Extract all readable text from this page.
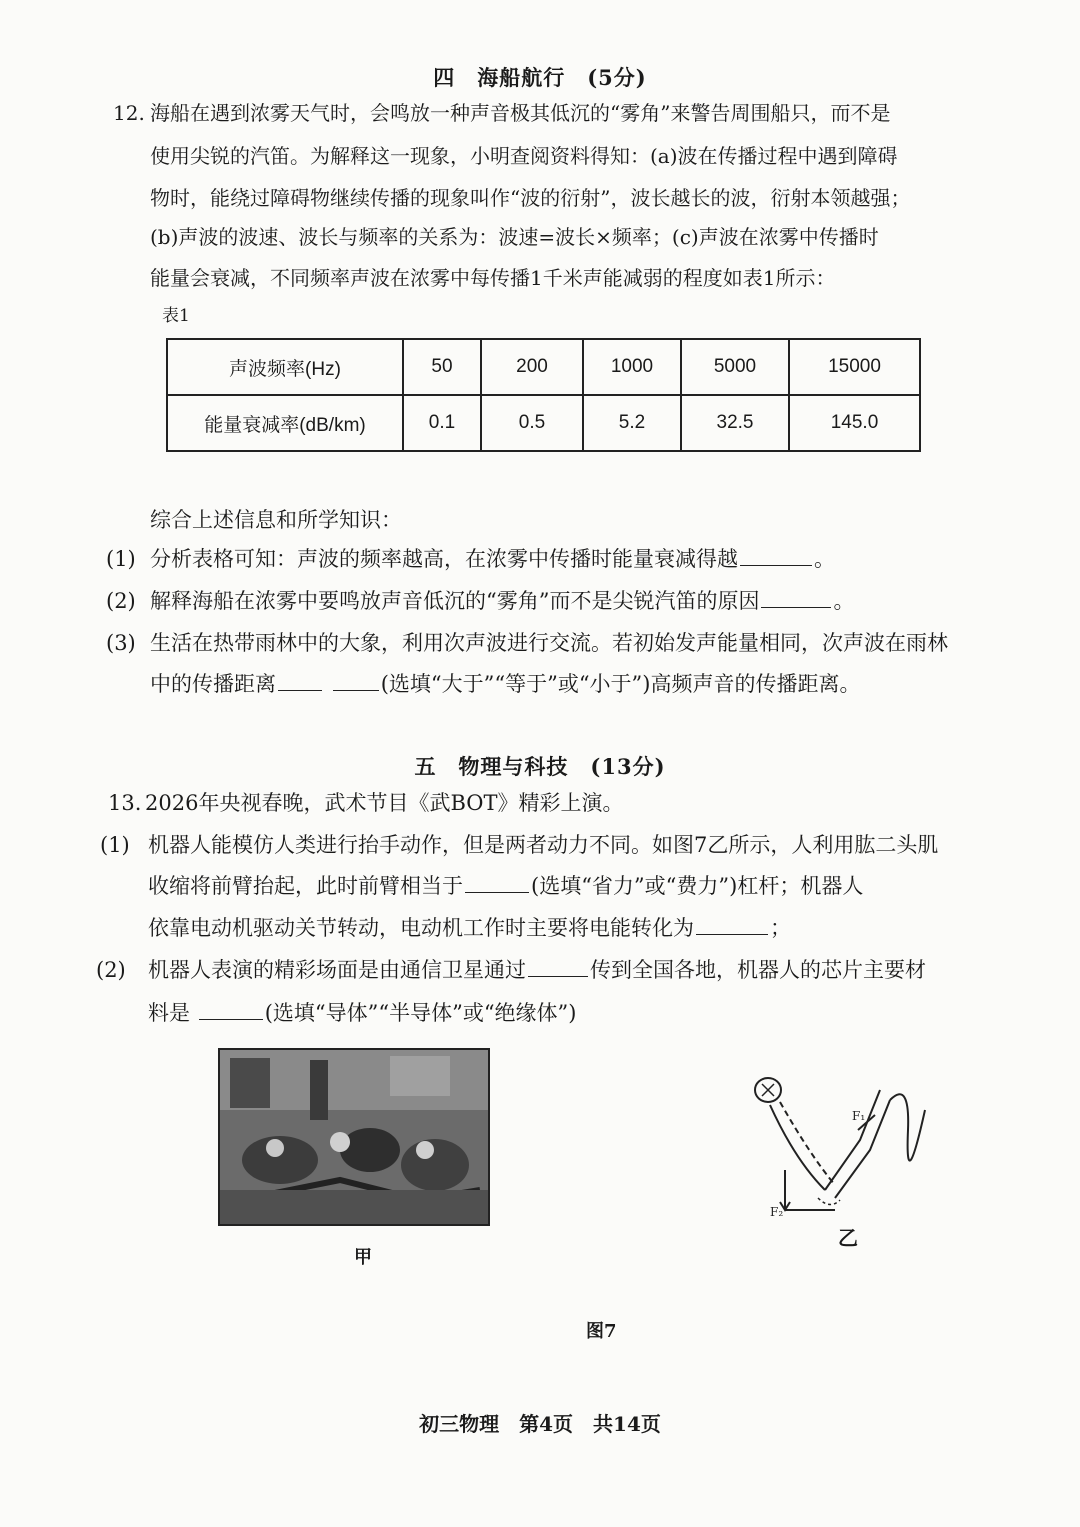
四　海船航行　(5分)
12. 海船在遇到浓雾天气时，会鸣放一种声音极其低沉的“雾角”来警告周围船只，而不是
使用尖锐的汽笛。为解释这一现象，小明查阅资料得知：(a)波在传播过程中遇到障碍
物时，能绕过障碍物继续传播的现象叫作“波的衍射”，波长越长的波，衍射本领越强；
(b)声波的波速、波长与频率的关系为：波速=波长×频率；(c)声波在浓雾中传播时
能量会衰减，不同频率声波在浓雾中每传播1千米声能减弱的程度如表1所示：
表1
声波频率(Hz)	50	200	1000	5000	15000
能量衰减率(dB/km)	0.1	0.5	5.2	32.5	145.0
综合上述信息和所学知识：
(1) 分析表格可知：声波的频率越高，在浓雾中传播时能量衰减得越	。
(2) 解释海船在浓雾中要鸣放声音低沉的“雾角”而不是尖锐汽笛的原因	。
(3) 生活在热带雨林中的大象，利用次声波进行交流。若初始发声能量相同，次声波在雨林
中的传播距离	(选填“大于”“等于”或“小于”)高频声音的传播距离。
五　物理与科技　(13分)
13. 2026年央视春晚，武术节目《武BOT》精彩上演。
(1) 机器人能模仿人类进行抬手动作，但是两者动力不同。如图7乙所示，人利用肱二头肌
收缩将前臂抬起，此时前臂相当于	(选填“省力”或“费力”)杠杆；机器人
依靠电动机驱动关节转动，电动机工作时主要将电能转化为	；
(2) 机器人表演的精彩场面是由通信卫星通过	传到全国各地，机器人的芯片主要材
料是	(选填“导体”“半导体”或“绝缘体”)
甲
F₁
F₂
乙
图7
初三物理　第4页　共14页
